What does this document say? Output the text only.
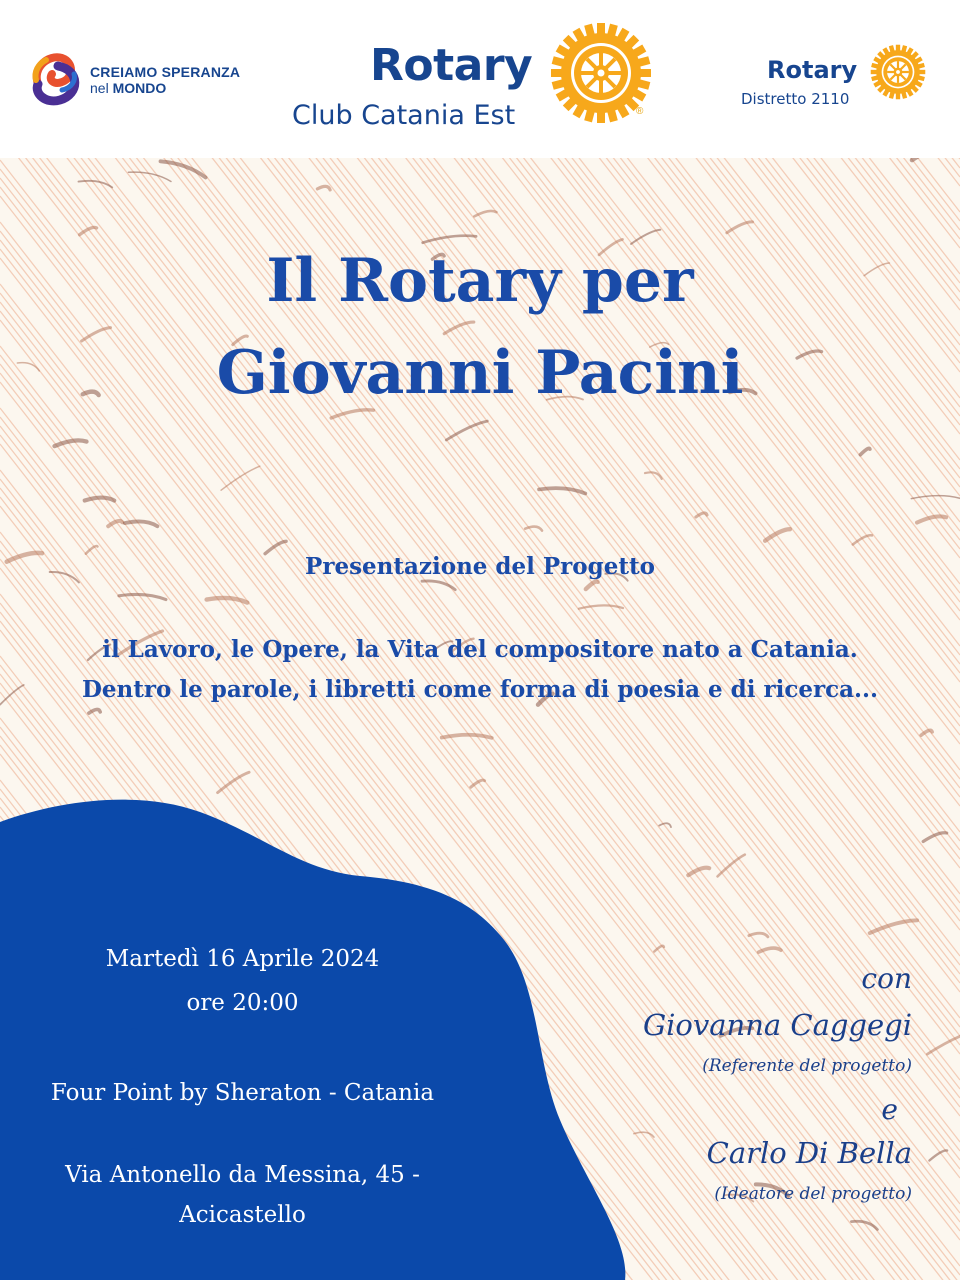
CREIAMO SPERANZA
nel MONDO	Rotary
Club Catania Est	®
Rotary
Distretto 2110
Il Rotary per
Giovanni Pacini
Presentazione del Progetto
il Lavoro, le Opere, la Vita del compositore nato a Catania.
Dentro le parole, i libretti come forma di poesia e di ricerca...
Martedì 16 Aprile 2024
ore 20:00
Four Point by Sheraton - Catania
Via Antonello da Messina, 45 -
Acicastello
con
Giovanna Caggegi
(Referente del progetto)
e
Carlo Di Bella
(Ideatore del progetto)
